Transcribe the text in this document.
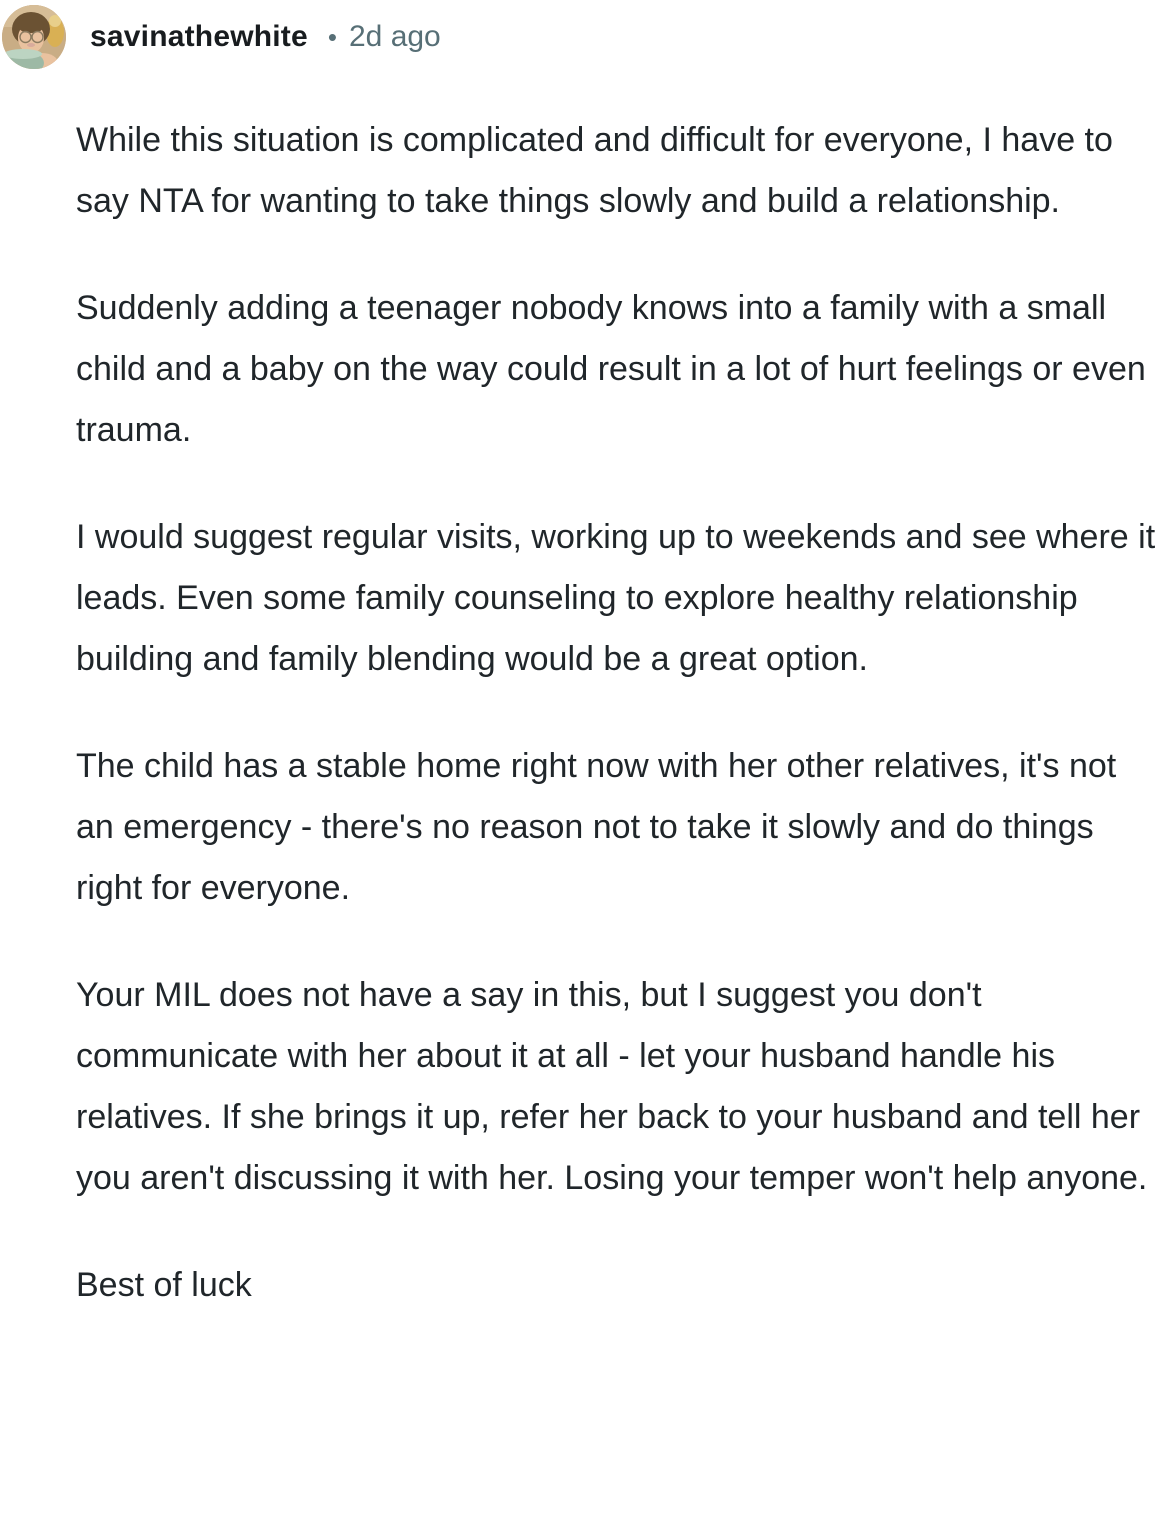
savinathewhite • 2d ago

While this situation is complicated and difficult for everyone, I have to say NTA for wanting to take things slowly and build a relationship.

Suddenly adding a teenager nobody knows into a family with a small child and a baby on the way could result in a lot of hurt feelings or even trauma.

I would suggest regular visits, working up to weekends and see where it leads. Even some family counseling to explore healthy relationship building and family blending would be a great option.

The child has a stable home right now with her other relatives, it's not an emergency - there's no reason not to take it slowly and do things right for everyone.

Your MIL does not have a say in this, but I suggest you don't communicate with her about it at all - let your husband handle his relatives. If she brings it up, refer her back to your husband and tell her you aren't discussing it with her. Losing your temper won't help anyone.

Best of luck
